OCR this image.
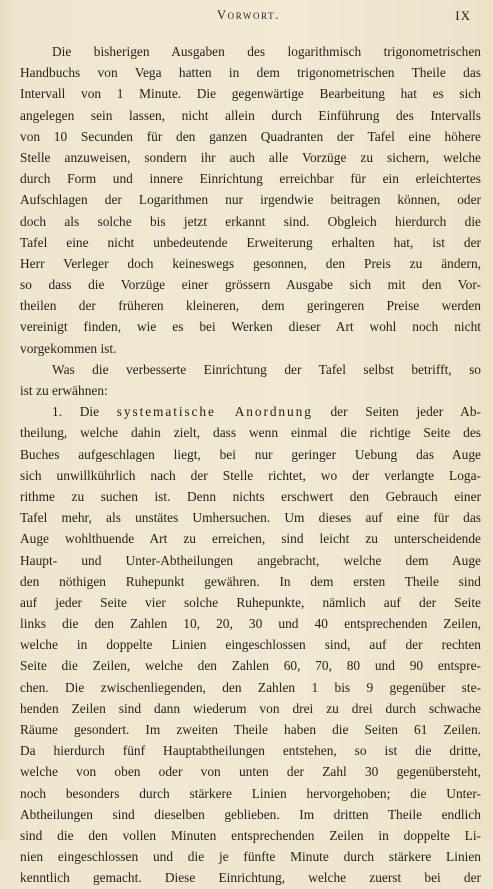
Vorwort.	IX
Die bisherigen Ausgaben des logarithmisch trigonometrischen
Handbuchs von Vega hatten in dem trigonometrischen Theile das
Intervall von 1 Minute. Die gegenwärtige Bearbeitung hat es sich
angelegen sein lassen, nicht allein durch Einführung des Intervalls
von 10 Secunden für den ganzen Quadranten der Tafel eine höhere
Stelle anzuweisen, sondern ihr auch alle Vorzüge zu sichern, welche
durch Form und innere Einrichtung erreichbar für ein erleichtertes
Aufschlagen der Logarithmen nur irgendwie beitragen können, oder
doch als solche bis jetzt erkannt sind. Obgleich hierdurch die
Tafel eine nicht unbedeutende Erweiterung erhalten hat, ist der
Herr Verleger doch keineswegs gesonnen, den Preis zu ändern,
so dass die Vorzüge einer grössern Ausgabe sich mit den Vor-
theilen der früheren kleineren, dem geringeren Preise werden
vereinigt finden, wie es bei Werken dieser Art wohl noch nicht
vorgekommen ist.
Was die verbesserte Einrichtung der Tafel selbst betrifft, so
ist zu erwähnen:
1. Die systematische Anordnung der Seiten jeder Ab-
theilung, welche dahin zielt, dass wenn einmal die richtige Seite des
Buches aufgeschlagen liegt, bei nur geringer Uebung das Auge
sich unwillkührlich nach der Stelle richtet, wo der verlangte Loga-
rithme zu suchen ist. Denn nichts erschwert den Gebrauch einer
Tafel mehr, als unstätes Umhersuchen. Um dieses auf eine für das
Auge wohlthuende Art zu erreichen, sind leicht zu unterscheidende
Haupt- und Unter-Abtheilungen angebracht, welche dem Auge
den nöthigen Ruhepunkt gewähren. In dem ersten Theile sind
auf jeder Seite vier solche Ruhepunkte, nämlich auf der Seite
links die den Zahlen 10, 20, 30 und 40 entsprechenden Zeilen,
welche in doppelte Linien eingeschlossen sind, auf der rechten
Seite die Zeilen, welche den Zahlen 60, 70, 80 und 90 entspre-
chen. Die zwischenliegenden, den Zahlen 1 bis 9 gegenüber ste-
henden Zeilen sind dann wiederum von drei zu drei durch schwache
Räume gesondert. Im zweiten Theile haben die Seiten 61 Zeilen.
Da hierdurch fünf Hauptabtheilungen entstehen, so ist die dritte,
welche von oben oder von unten der Zahl 30 gegenübersteht,
noch besonders durch stärkere Linien hervorgehoben; die Unter-
Abtheilungen sind dieselben geblieben. Im dritten Theile endlich
sind die den vollen Minuten entsprechenden Zeilen in doppelte Li-
nien eingeschlossen und die je fünfte Minute durch stärkere Linien
kenntlich gemacht. Diese Einrichtung, welche zuerst bei der
